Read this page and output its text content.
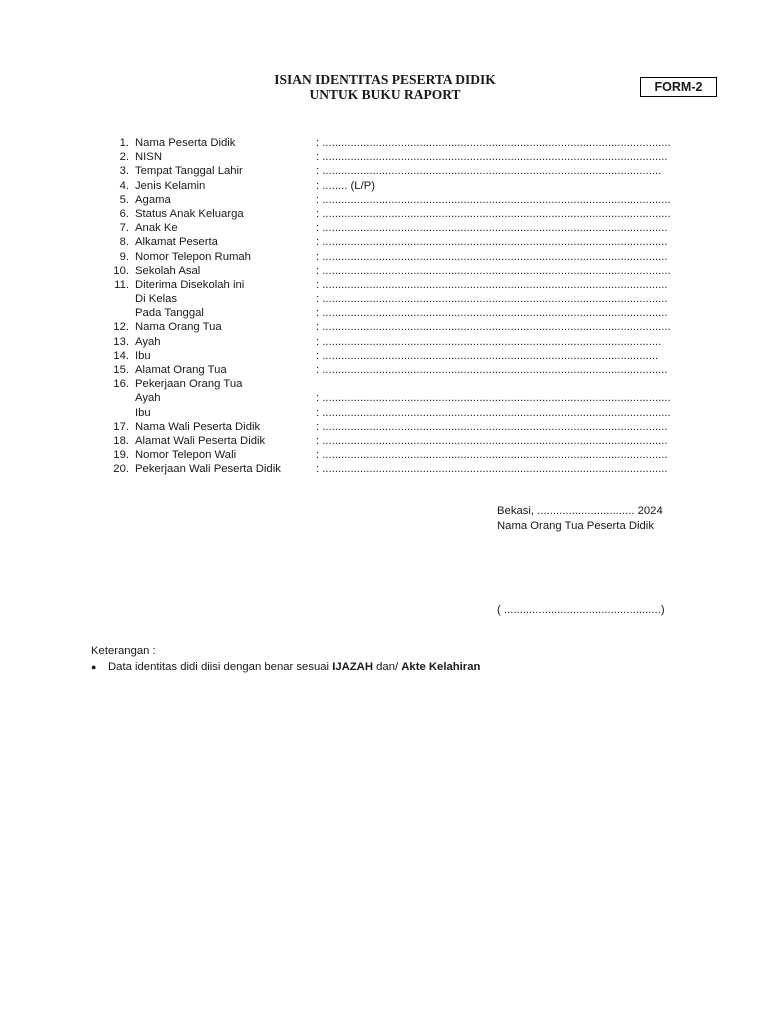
ISIAN IDENTITAS PESERTA DIDIK
UNTUK BUKU RAPORT	FORM-2
1. Nama Peserta Didik	: ...............................................................................................................
2. NISN	: ..............................................................................................................
3. Tempat Tanggal Lahir	: ............................................................................................................
4. Jenis Kelamin	: ........ (L/P)
5. Agama	: ...............................................................................................................
6. Status Anak Keluarga	: ...............................................................................................................
7. Anak Ke	: ..............................................................................................................
8. Alkamat Peserta	: ..............................................................................................................
9. Nomor Telepon Rumah	: ..............................................................................................................
10. Sekolah Asal	: ...............................................................................................................
11. Diterima Disekolah ini	: ..............................................................................................................
Di Kelas	: ..............................................................................................................
Pada Tanggal	: ..............................................................................................................
12. Nama Orang Tua	: ...............................................................................................................
13. Ayah	: ............................................................................................................
14. Ibu	: ...........................................................................................................
15. Alamat Orang Tua	: ..............................................................................................................
16. Pekerjaan Orang Tua
Ayah	: ...............................................................................................................
Ibu	: ...............................................................................................................
17. Nama Wali Peserta Didik	: ..............................................................................................................
18. Alamat Wali Peserta Didik	: ..............................................................................................................
19. Nomor Telepon Wali	: ..............................................................................................................
20. Pekerjaan Wali Peserta Didik	: ..............................................................................................................
Bekasi, ............................... 2024
Nama Orang Tua Peserta Didik
( ..................................................)
Keterangan :
● Data identitas didi diisi dengan benar sesuai IJAZAH dan/ Akte Kelahiran
